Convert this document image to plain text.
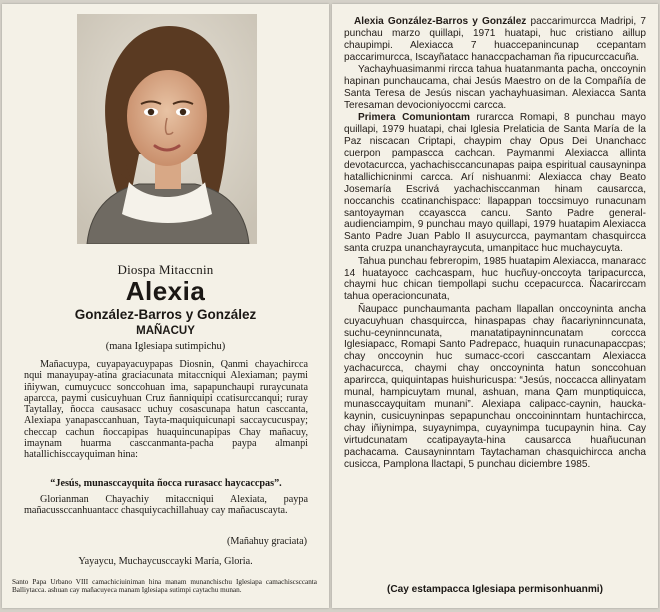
Diospa Mitaccnin
Alexia
González-Barros y González
MAÑACUY
(mana Iglesiapa sutimpichu)

Mañacuypa, cuyapayacuypapas Diosnin, Qanmi chayachircca​nqui manayupay-atina graciacunata mitaccniqui Alexiaman; paymi iñiywan, cumuycucc sonccohuan ima, sapapunchaupi ruraycunata aparcca, paymi cusicuyhuan Cruz ñanniquipi ccatisurccanqui; ruray Taytallay, ñocca causasacc uchuy cosascunapa hatun casccanta, Alexiapa yanapasccanhuan, Tayta-maquiquicunapi saccaycucuspay; checcap cachun ñoccapipas huaquincunapipas Chay mañacuy, imaynam huarma casccan​manta-pacha paypa almanpi hatallichisccayquiman hina:

“Jesús, munasccayquita ñocca rurasacc haycaccpas”.

Glorianman Chayachiy mitaccniqui Alexiata, paypa mañacussccanhuantacc chasquiycachillahuay cay mañacuscayta.

(Mañahuy graciata)
Yayaycu, Muchaycusccayki María, Gloria.
Santo Papa Urbano VIII camachiciuiniman hina manam munanchischu Iglesiapa camachiscsccanta Balliytacca. ashuan cay mañacuyeca manam Iglesiapa sutimpi caytachu munan.

Alexia González-Barros y González paccarimurcca Madripi, 7 punchau marzo quillapi, 1971 huatapi, huc cristiano aillup chaupimpi. Alexiacca 7 huaccepanincunap ccepantam paccarimurcca, Iscayñatacc hanaccpachaman ña ripucurccacuña.

Yachayhuasimanmi rircca tahua huatanmanta pacha, onccoynin hapinan punchaucama, chai Jesús Maestro on de la Compañía de Santa Teresa de Jesús niscan yachayhuasiman. Alexiacca Santa Teresaman devocioniyoccmi carcca.

Primera Comuniontam rurarcca Romapi, 8 punchau mayo quillapi, 1979 huatapi, chai Iglesia Prelaticia de Santa María de la Paz niscacan Criptapi, chaypim chay Opus Dei Unanchacc cuerpon pampascca cachcan. Paymanmi Alexiacca allinta devotacurcca, yachachisccancunapas paipa espiritual causayninpa hatallichicninmi carcca. Arí nishuanmi: Alexiacca chay Beato Josemaría Escrivá yachachisccanman hinam causarcca, noccanchis ccatinanchispacc: llapappan toccsimuyo runacunam santoyayman ccayascca cancu. Santo Padre general-audienciampim, 9 punchau mayo quillapi, 1979 huatapim Alexiacca Santo Padre Juan Pablo II asuycurcca, paymantam chasquircca santa cruzpa unanchayraycuta, umanpitacc huc muchaycuyta.

Tahua punchau febreropim, 1985 huatapim Alexiacca, manaracc 14 huatayocc cachcaspam, huc hucñuy-onccoyta taripacurcca, chaymi huc chican tiempollapi suchu ccepacurcca. Ñacarirccam tahua operacioncunata,

Ñaupacc punchaumanta pacham llapallan onccoyninta ancha cuyacuyhuan chasquircca, hinaspapas chay ñacariyninncunata, suchu-ceyninncunata, manatatipayninncunatam corccca Iglesiapacc, Romapi Santo Padrepacc, huaquin runacunapaccpas; chay onccoynin huc sumacc-ccori casccantam Alexiacca yachacurcca, chaymi chay onccoyninta hatun sonccohuan aparircca, quiquintapas huishuricuspa: “Jesús, noccacca allinyatam munal, hampicuytam munal, ashuan, mana Qam munptiquicca, munasccayquitam munani”. Alexiapa calipacc-caynin, haucka-kaynin, cusicuyninpas sepapunchau onccoininntam huntachircca, chay iñiynimpa, suyaynimpa, cuyaynimpa tucupaynin hina. Cay virtudcunatam ccatipayayta-hina causarcca huañucunan pachacama. Causayninntam Taytachaman chasquichircca ancha cusicca, Pamplona llactapi, 5 punchau diciembre 1985.

(Cay estampacca Iglesiapa permisonhuanmi)
